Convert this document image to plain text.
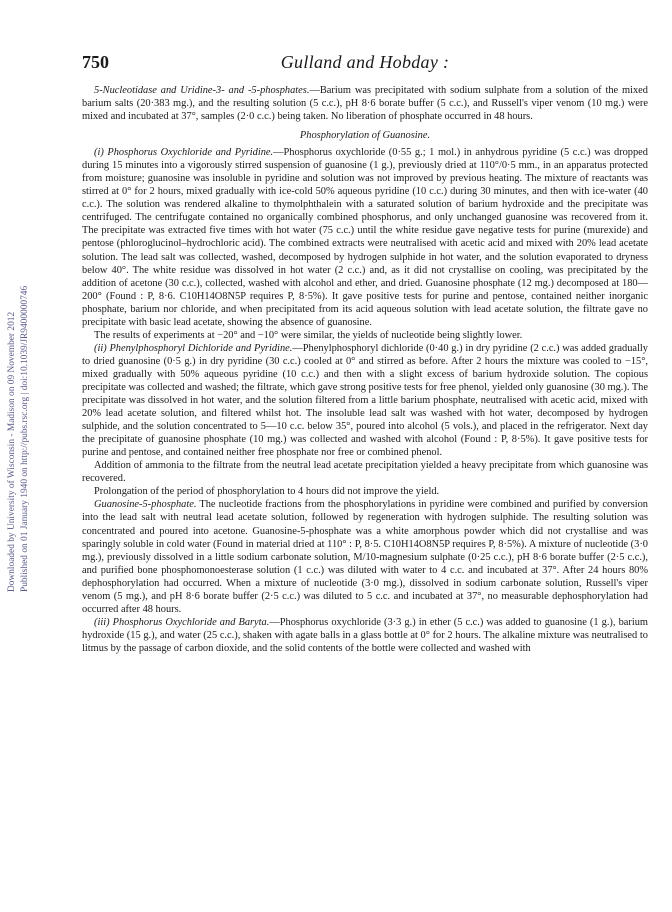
Downloaded by University of Wisconsin - Madison on 09 November 2012 Published on 01 January 1940 on http://pubs.rsc.org | doi:10.1039/JR9400000746
750	Gulland and Hobday :

5-Nucleotidase and Uridine-3- and -5-phosphates.—Barium was precipitated with sodium sulphate from a solution of the mixed barium salts (20·383 mg.), and the resulting solution (5 c.c.), pH 8·6 borate buffer (5 c.c.), and Russell's viper venom (10 mg.) were mixed and incubated at 37°, samples (2·0 c.c.) being taken. No liberation of phosphate occurred in 48 hours.

Phosphorylation of Guanosine.

(i) Phosphorus Oxychloride and Pyridine.—Phosphorus oxychloride (0·55 g.; 1 mol.) in anhydrous pyridine (5 c.c.) was dropped during 15 minutes into a vigorously stirred suspension of guanosine (1 g.), previously dried at 110°/0·5 mm., in an apparatus protected from moisture; guanosine was insoluble in pyridine and solution was not improved by previous heating. The mixture of reactants was stirred at 0° for 2 hours, mixed gradually with ice-cold 50% aqueous pyridine (10 c.c.) during 30 minutes, and then with ice-water (40 c.c.). The solution was rendered alkaline to thymolphthalein with a saturated solution of barium hydroxide and the precipitate was centrifuged. The centrifugate contained no organically combined phosphorus, and only unchanged guanosine was recovered from it. The precipitate was extracted five times with hot water (75 c.c.) until the white residue gave negative tests for purine (murexide) and pentose (phloroglucinol–hydrochloric acid). The combined extracts were neutralised with acetic acid and mixed with 20% lead acetate solution. The lead salt was collected, washed, decomposed by hydrogen sulphide in hot water, and the solution evaporated to dryness below 40°. The white residue was dissolved in hot water (2 c.c.) and, as it did not crystallise on cooling, was precipitated by the addition of acetone (30 c.c.), collected, washed with alcohol and ether, and dried. Guanosine phosphate (12 mg.) decomposed at 180—200° (Found : P, 8·6. C10H14O8N5P requires P, 8·5%). It gave positive tests for purine and pentose, contained neither inorganic phosphate, barium nor chloride, and when precipitated from its acid aqueous solution with lead acetate solution, the filtrate gave no precipitate with basic lead acetate, showing the absence of guanosine.

The results of experiments at −20° and −10° were similar, the yields of nucleotide being slightly lower.

(ii) Phenylphosphoryl Dichloride and Pyridine.—Phenylphosphoryl dichloride (0·40 g.) in dry pyridine (2 c.c.) was added gradually to dried guanosine (0·5 g.) in dry pyridine (30 c.c.) cooled at 0° and stirred as before. After 2 hours the mixture was cooled to −15°, mixed gradually with 50% aqueous pyridine (10 c.c.) and then with a slight excess of barium hydroxide solution. The copious precipitate was collected and washed; the filtrate, which gave strong positive tests for free phenol, yielded only guanosine (30 mg.). The precipitate was dissolved in hot water, and the solution filtered from a little barium phosphate, neutralised with acetic acid, mixed with 20% lead acetate solution, and filtered whilst hot. The insoluble lead salt was washed with hot water, decomposed by hydrogen sulphide, and the solution concentrated to 5—10 c.c. below 35°, poured into alcohol (5 vols.), and placed in the refrigerator. Next day the precipitate of guanosine phosphate (10 mg.) was collected and washed with alcohol (Found : P, 8·5%). It gave positive tests for purine and pentose, and contained neither free phosphate nor free or combined phenol.

Addition of ammonia to the filtrate from the neutral lead acetate precipitation yielded a heavy precipitate from which guanosine was recovered.

Prolongation of the period of phosphorylation to 4 hours did not improve the yield.

Guanosine-5-phosphate. The nucleotide fractions from the phosphorylations in pyridine were combined and purified by conversion into the lead salt with neutral lead acetate solution, followed by regeneration with hydrogen sulphide. The resulting solution was concentrated and poured into acetone. Guanosine-5-phosphate was a white amorphous powder which did not crystallise and was sparingly soluble in cold water (Found in material dried at 110° : P, 8·5. C10H14O8N5P requires P, 8·5%). A mixture of nucleotide (3·0 mg.), previously dissolved in a little sodium carbonate solution, M/10-magnesium sulphate (0·25 c.c.), pH 8·6 borate buffer (2·5 c.c.), and purified bone phosphomonoesterase solution (1 c.c.) was diluted with water to 4 c.c. and incubated at 37°. After 24 hours 80% dephosphorylation had occurred. When a mixture of nucleotide (3·0 mg.), dissolved in sodium carbonate solution, Russell's viper venom (5 mg.), and pH 8·6 borate buffer (2·5 c.c.) was diluted to 5 c.c. and incubated at 37°, no measurable dephosphorylation had occurred after 48 hours.

(iii) Phosphorus Oxychloride and Baryta.—Phosphorus oxychloride (3·3 g.) in ether (5 c.c.) was added to guanosine (1 g.), barium hydroxide (15 g.), and water (25 c.c.), shaken with agate balls in a glass bottle at 0° for 2 hours. The alkaline mixture was neutralised to litmus by the passage of carbon dioxide, and the solid contents of the bottle were collected and washed with
